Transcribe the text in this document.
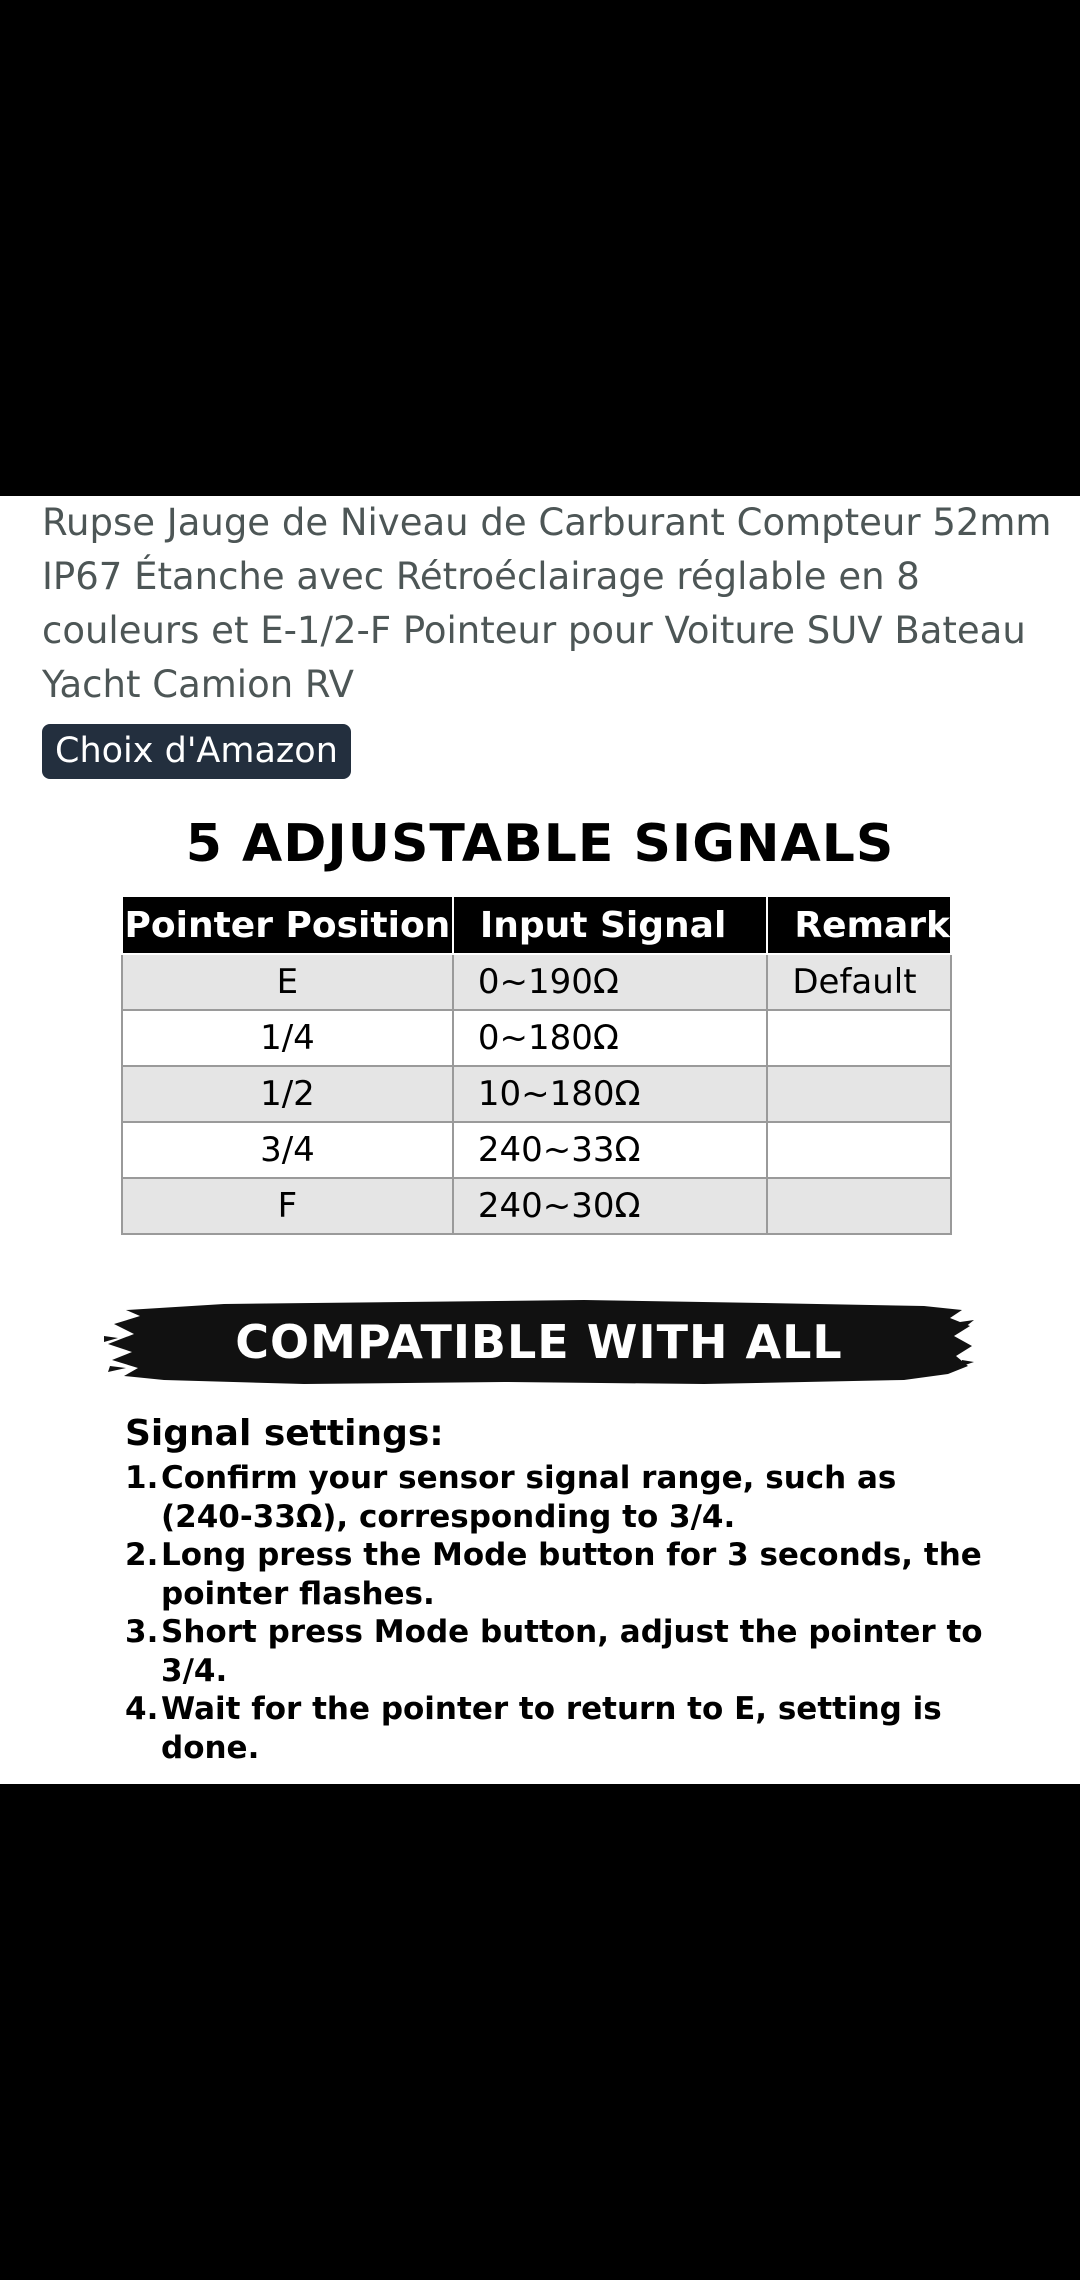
Rupse Jauge de Niveau de Carburant Compteur 52mm IP67 Étanche avec Rétroéclairage réglable en 8 couleurs et E-1/2-F Pointeur pour Voiture SUV Bateau Yacht Camion RV
Choix d'Amazon
5 ADJUSTABLE SIGNALS
Pointer Position	Input Signal	Remark
E	0~190Ω	Default
1/4	0~180Ω	
1/2	10~180Ω	
3/4	240~33Ω	
F	240~30Ω	
COMPATIBLE WITH ALL SENSORS
Signal settings:
1. Confirm your sensor signal range, such as (240-33Ω), corresponding to 3/4.
2. Long press the Mode button for 3 seconds, the pointer flashes.
3. Short press Mode button, adjust the pointer to 3/4.
4. Wait for the pointer to return to E, setting is done.
